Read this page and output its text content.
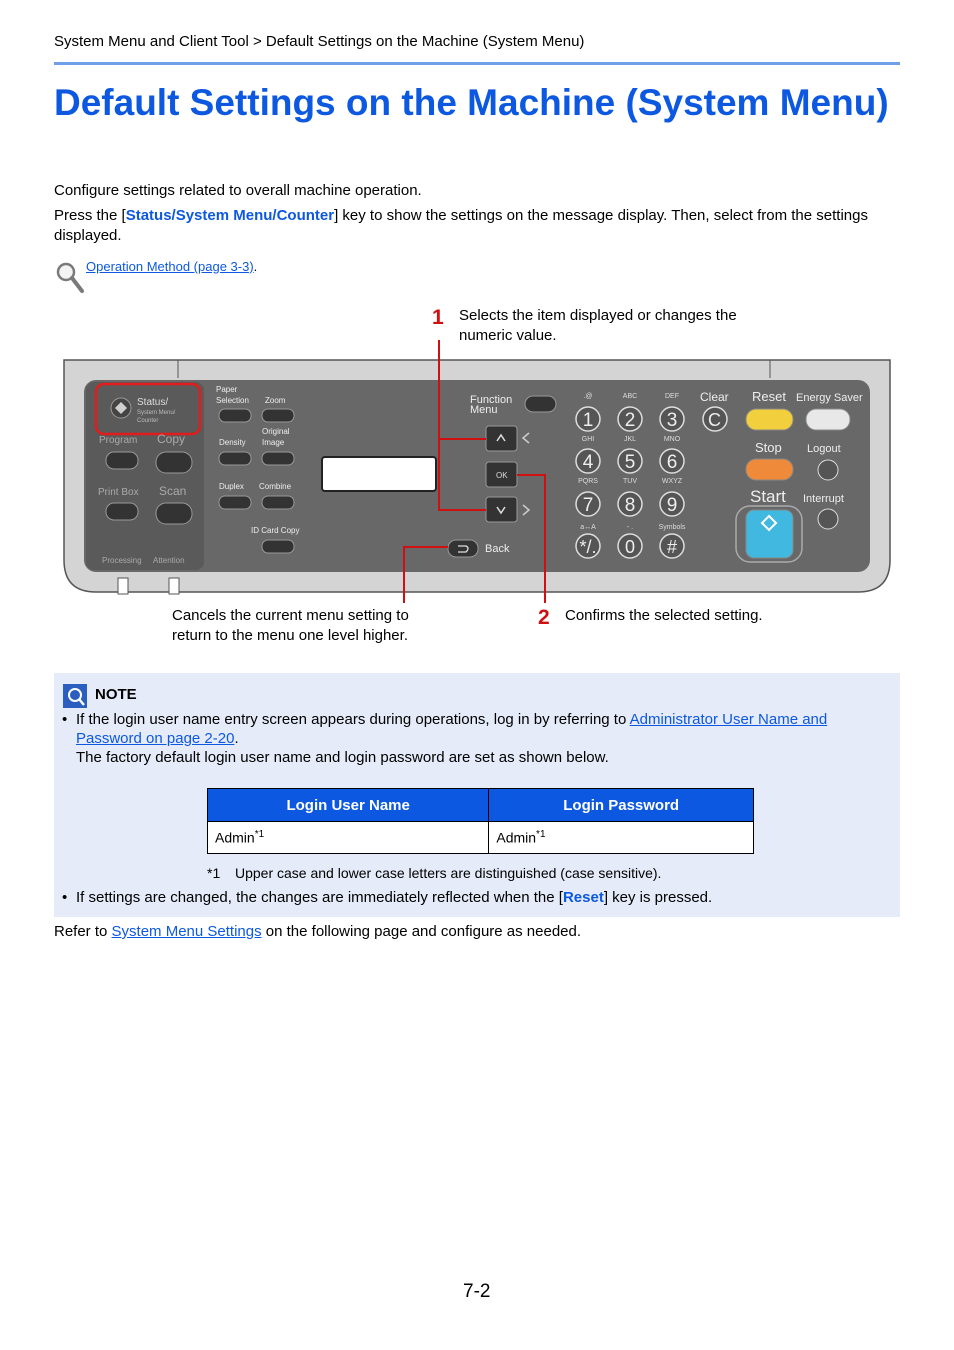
System Menu and Client Tool > Default Settings on the Machine (System Menu)
Default Settings on the Machine (System Menu)
Configure settings related to overall machine operation.
Press the [Status/System Menu/Counter] key to show the settings on the message display. Then, select from the settings displayed.
Operation Method (page 3-3).
1 Selects the item displayed or changes the numeric value.
Cancels the current menu setting to return to the menu one level higher.
2 Confirms the selected setting.
Status/
System Menu/
Counter
Program Copy
Print Box Scan
Processing Attention
Paper
Selection Zoom
Original
Image
Density
Duplex Combine
ID Card Copy
Function
Menu
OK
Back
.@
1
ABC
2
DEF
3
GHI
4
JKL
5
MNO
6
PQRS
7
TUV
8
WXYZ
9
a↔A
*/.
- .
0
Symbols
#
Clear
C
Reset Energy Saver
Stop Logout
Start Interrupt
NOTE
• If the login user name entry screen appears during operations, log in by referring to Administrator User Name and
Password on page 2-20.
The factory default login user name and login password are set as shown below.
Login User Name	Login Password
Admin$^{*1}$	Admin$^{*1}$
*1 Upper case and lower case letters are distinguished (case sensitive).
• If settings are changed, the changes are immediately reflected when the [Reset] key is pressed.
Refer to System Menu Settings on the following page and configure as needed.
7-2
